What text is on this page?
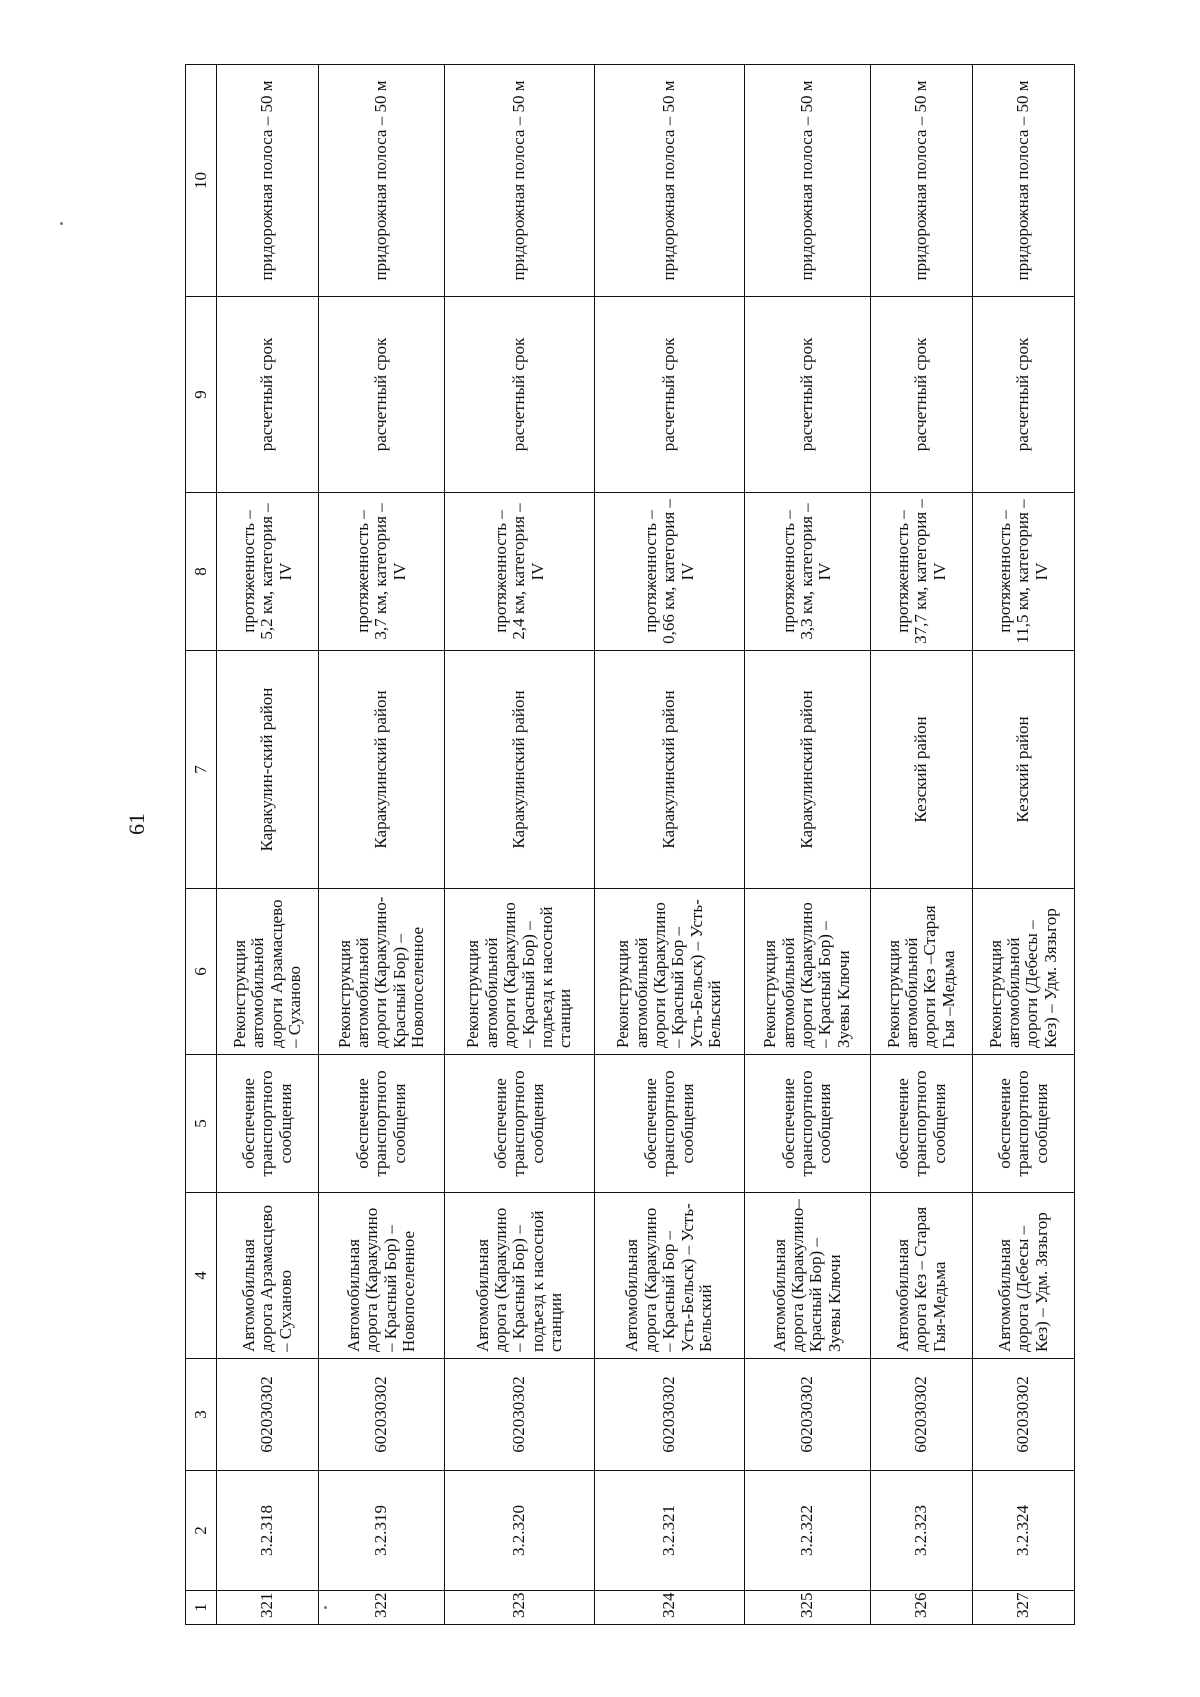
61
1	2	3	4	5	6	7	8	9	10
321	3.2.318	602030302	Автомобильная дорога Арзамасцево – Суханово	обеспечение транспортного сообщения	Реконструкция автомобильной дороги Арзамасцево – Суханово	Каракулин-ский район	протяженность – 5,2 км, категория – IV	расчетный срок	придорожная полоса – 50 м
322	3.2.319	602030302	Автомобильная дорога (Каракулино – Красный Бор) – Новопоселенное	обеспечение транспортного сообщения	Реконструкция автомобильной дороги (Каракулино- Красный Бор) – Новопоселенное	Каракулинский район	протяженность – 3,7 км, категория – IV	расчетный срок	придорожная полоса – 50 м
323	3.2.320	602030302	Автомобильная дорога (Каракулино – Красный Бор) – подъезд к насосной станции	обеспечение транспортного сообщения	Реконструкция автомобильной дороги (Каракулино – Красный Бор) – подъезд к насосной станции	Каракулинский район	протяженность – 2,4 км, категория – IV	расчетный срок	придорожная полоса – 50 м
324	3.2.321	602030302	Автомобильная дорога (Каракулино – Красный Бор –Усть-Бельск) – Усть-Бельский	обеспечение транспортного сообщения	Реконструкция автомобильной дороги (Каракулино – Красный Бор – Усть-Бельск) – Усть-Бельский	Каракулинский район	протяженность – 0,66 км, категория – IV	расчетный срок	придорожная полоса – 50 м
325	3.2.322	602030302	Автомобильная дорога (Каракулино– Красный Бор) – Зуевы Ключи	обеспечение транспортного сообщения	Реконструкция автомобильной дороги (Каракулино – Красный Бор) – Зуевы Ключи	Каракулинский район	протяженность – 3,3 км, категория – IV	расчетный срок	придорожная полоса – 50 м
326	3.2.323	602030302	Автомобильная дорога Кез – Старая Гыя-Медьма	обеспечение транспортного сообщения	Реконструкция автомобильной дороги Кез –Старая Гыя –Медьма	Кезский район	протяженность – 37,7 км, категория – IV	расчетный срок	придорожная полоса – 50 м
327	3.2.324	602030302	Автомобильная дорога (Дебесы – Кез) – Удм. Зязьгор	обеспечение транспортного сообщения	Реконструкция автомобильной дороги (Дебесы – Кез) – Удм. Зязьгор	Кезский район	протяженность – 11,5 км, категория – IV	расчетный срок	придорожная полоса – 50 м
